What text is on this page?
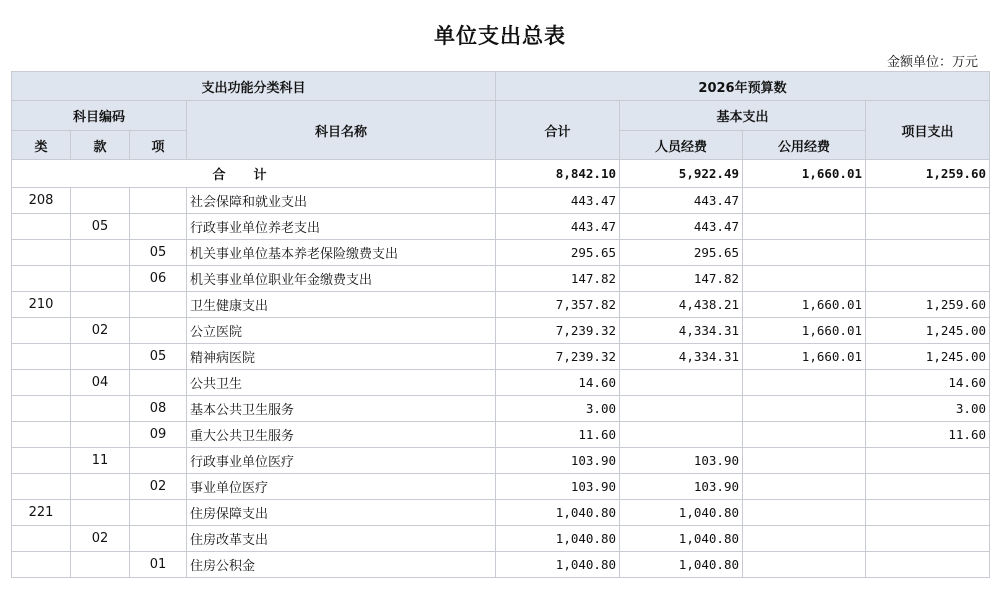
单位支出总表
金额单位：万元
支出功能分类科目				2026年预算数			
科目编码			科目名称	合计	基本支出		项目支出
类	款	项			人员经费	公用经费	
合计				8,842.10	5,922.49	1,660.01	1,259.60
208			社会保障和就业支出	443.47	443.47		
	05		行政事业单位养老支出	443.47	443.47		
		05	机关事业单位基本养老保险缴费支出	295.65	295.65		
		06	机关事业单位职业年金缴费支出	147.82	147.82		
210			卫生健康支出	7,357.82	4,438.21	1,660.01	1,259.60
	02		公立医院	7,239.32	4,334.31	1,660.01	1,245.00
		05	精神病医院	7,239.32	4,334.31	1,660.01	1,245.00
	04		公共卫生	14.60			14.60
		08	基本公共卫生服务	3.00			3.00
		09	重大公共卫生服务	11.60			11.60
	11		行政事业单位医疗	103.90	103.90		
		02	事业单位医疗	103.90	103.90		
221			住房保障支出	1,040.80	1,040.80		
	02		住房改革支出	1,040.80	1,040.80		
		01	住房公积金	1,040.80	1,040.80		
